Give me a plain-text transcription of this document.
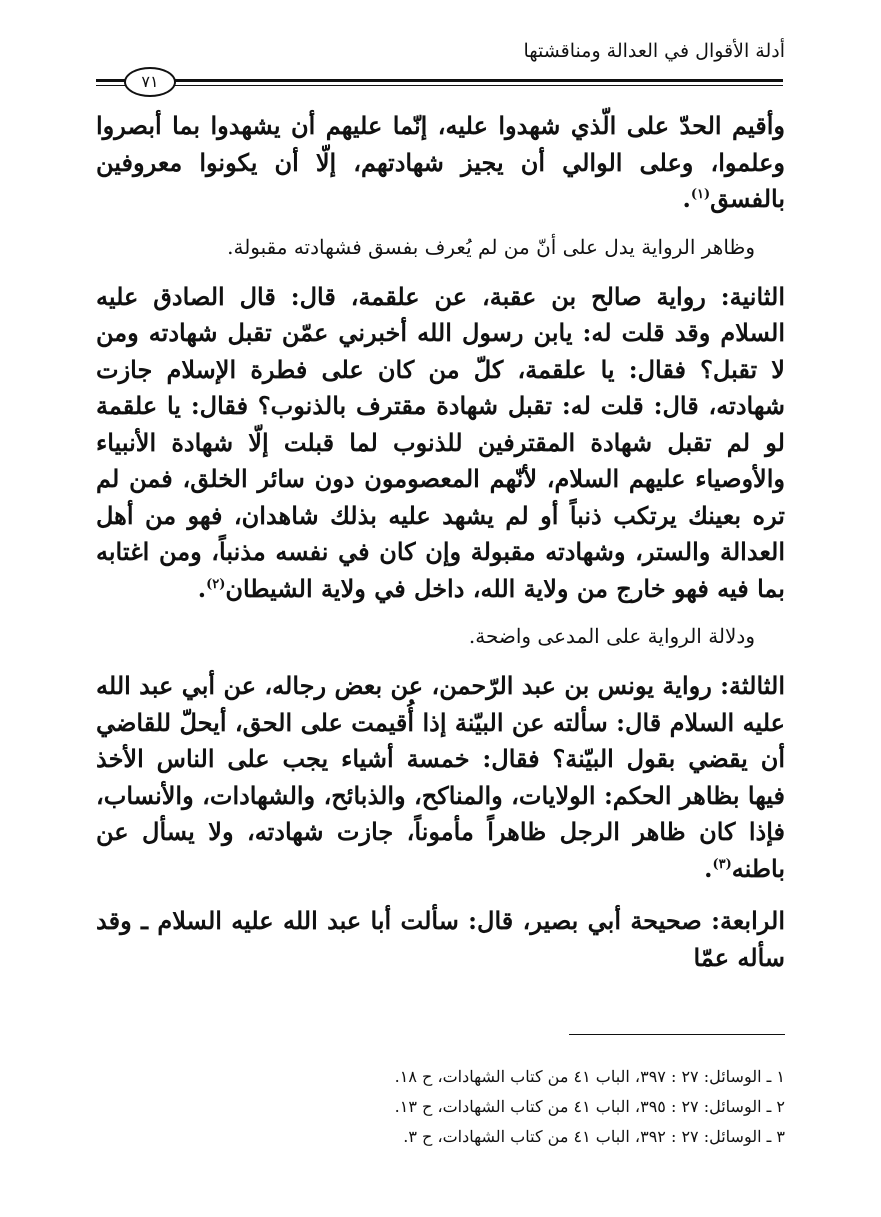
أدلة الأقوال في العدالة ومناقشتها
٧١

وأقيم الحدّ على الّذي شهدوا عليه، إنّما عليهم أن يشهدوا بما أبصروا وعلموا، وعلى الوالي أن يجيز شهادتهم، إلّا أن يكونوا معروفين بالفسق$^{(١)}$.

وظاهر الرواية يدل على أنّ من لم يُعرف بفسق فشهادته مقبولة.

الثانية: رواية صالح بن عقبة، عن علقمة، قال: قال الصادق عليه السلام وقد قلت له: يابن رسول الله أخبرني عمّن تقبل شهادته ومن لا تقبل؟ فقال: يا علقمة، كلّ من كان على فطرة الإسلام جازت شهادته، قال: قلت له: تقبل شهادة مقترف بالذنوب؟ فقال: يا علقمة لو لم تقبل شهادة المقترفين للذنوب لما قبلت إلّا شهادة الأنبياء والأوصياء عليهم السلام، لأنّهم المعصومون دون سائر الخلق، فمن لم تره بعينك يرتكب ذنباً أو لم يشهد عليه بذلك شاهدان، فهو من أهل العدالة والستر، وشهادته مقبولة وإن كان في نفسه مذنباً، ومن اغتابه بما فيه فهو خارج من ولاية الله، داخل في ولاية الشيطان$^{(٢)}$.

ودلالة الرواية على المدعى واضحة.

الثالثة: رواية يونس بن عبد الرّحمن، عن بعض رجاله، عن أبي عبد الله عليه السلام قال: سألته عن البيّنة إذا أُقيمت على الحق، أيحلّ للقاضي أن يقضي بقول البيّنة؟ فقال: خمسة أشياء يجب على الناس الأخذ فيها بظاهر الحكم: الولايات، والمناكح، والذبائح، والشهادات، والأنساب، فإذا كان ظاهر الرجل ظاهراً مأموناً، جازت شهادته، ولا يسأل عن باطنه$^{(٣)}$.

الرابعة: صحيحة أبي بصير، قال: سألت أبا عبد الله عليه السلام ـ وقد سأله عمّا

١ ـ الوسائل: ٢٧ : ٣٩٧، الباب ٤١ من كتاب الشهادات، ح ١٨.

٢ ـ الوسائل: ٢٧ : ٣٩٥، الباب ٤١ من كتاب الشهادات، ح ١٣.

٣ ـ الوسائل: ٢٧ : ٣٩٢، الباب ٤١ من كتاب الشهادات، ح ٣.
